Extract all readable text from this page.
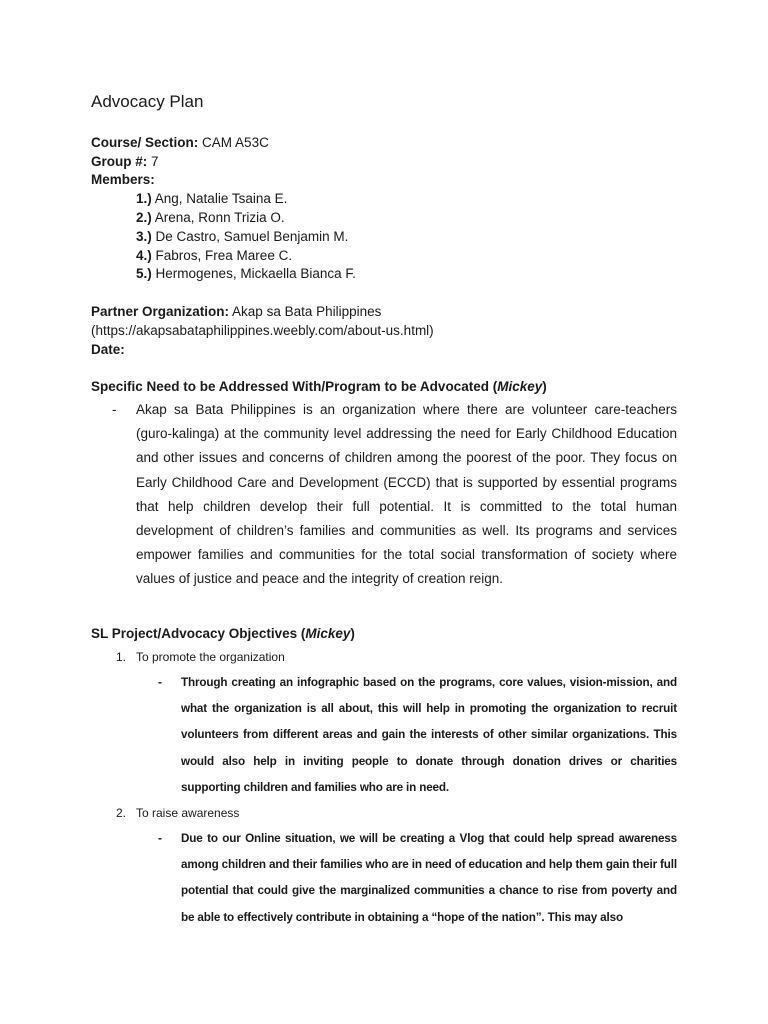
Advocacy Plan
Course/ Section: CAM A53C
Group #: 7
Members:
1.) Ang, Natalie Tsaina E.
2.) Arena, Ronn Trizia O.
3.) De Castro, Samuel Benjamin M.
4.) Fabros, Frea Maree C.
5.) Hermogenes, Mickaella Bianca F.
Partner Organization: Akap sa Bata Philippines
(https://akapsabataphilippines.weebly.com/about-us.html)
Date:
Specific Need to be Addressed With/Program to be Advocated (Mickey)
- Akap sa Bata Philippines is an organization where there are volunteer care-teachers (guro-kalinga) at the community level addressing the need for Early Childhood Education and other issues and concerns of children among the poorest of the poor. They focus on Early Childhood Care and Development (ECCD) that is supported by essential programs that help children develop their full potential. It is committed to the total human development of children’s families and communities as well. Its programs and services empower families and communities for the total social transformation of society where values of justice and peace and the integrity of creation reign.
SL Project/Advocacy Objectives (Mickey)
1. To promote the organization
- Through creating an infographic based on the programs, core values, vision-mission, and what the organization is all about, this will help in promoting the organization to recruit volunteers from different areas and gain the interests of other similar organizations. This would also help in inviting people to donate through donation drives or charities supporting children and families who are in need.
2. To raise awareness
- Due to our Online situation, we will be creating a Vlog that could help spread awareness among children and their families who are in need of education and help them gain their full potential that could give the marginalized communities a chance to rise from poverty and be able to effectively contribute in obtaining a “hope of the nation”. This may also
